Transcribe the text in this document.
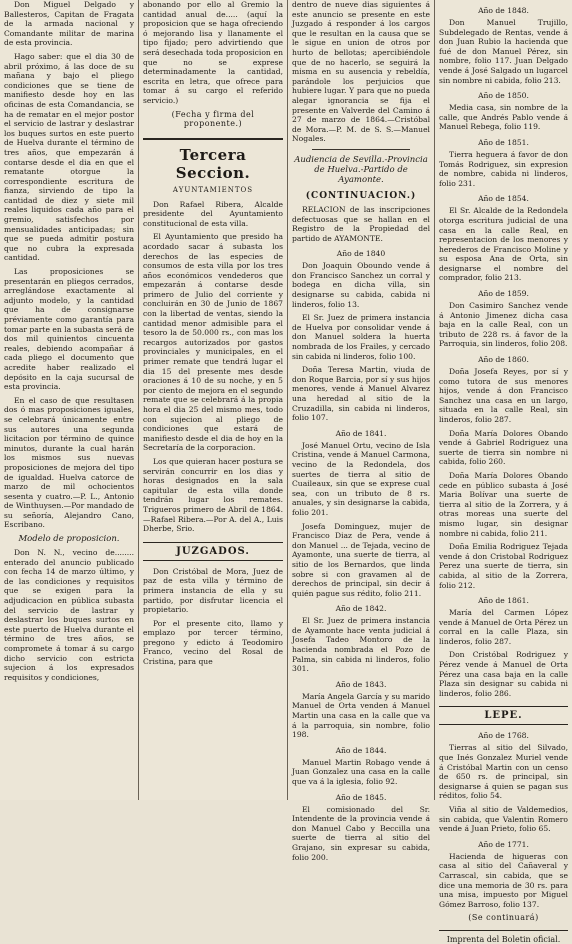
Don Miguel Delgado y Ballesteros, Capitan de Fragata de la armada nacional y Comandante militar de marina de esta provincia.

Hago saber: que el dia 30 de abril próximo, á las doce de su mañana y bajo el pliego condiciones que se tiene de manifiesto desde hoy en las oficinas de esta Comandancia, se ha de rematar en el mejor postor el servicio de lastrar y deslastrar los buques surtos en este puerto de Huelva durante el término de tres años, que empezarán á contarse desde el dia en que el rematante otorgue la correspondiente escritura de fianza, sirviendo de tipo la cantidad de diez y siete mil reales liquidos cada año para el gremio, satisfechos por mensualidades anticipadas; sin que se pueda admitir postura que no cubra la expresada cantidad.

Las proposiciones se presentarán en pliegos cerrados, arreglándose exactamente al adjunto modelo, y la cantidad que ha de consignarse préviamente como garantía para tomar parte en la subasta será de dos mil quinientos cincuenta reales, debiendo acompañar á cada pliego el documento que acredite haber realizado el depósito en la caja sucursal de esta provincia.

En el caso de que resultasen dos ó mas proposiciones iguales, se celebrará únicamente entre sus autores una segunda licitacion por término de quince minutos, durante la cual harán los mismos sus nuevas proposiciones de mejora del tipo de igualdad. Huelva catorce de marzo de mil ochocientos sesenta y cuatro.—P. L., Antonio de Winthuysen.—Por mandado de su señoría, Alejandro Cano, Escribano.

Modelo de proposicion.

Don N. N., vecino de........ enterado del anuncio publicado con fecha 14 de marzo último, y de las condiciones y requisitos que se exigen para la adjudicacion en pública subasta del servicio de lastrar y deslastrar los buques surtos en este puerto de Huelva durante el término de tres años, se compromete á tomar á su cargo dicho servicio con estricta sujecion á los expresados requisitos y condiciones,

abonando por ello al Gremio la cantidad anual de..... (aquí la proposicion que se haga ofreciendo ó mejorando lisa y llanamente el tipo fijado; pero advirtiendo que será desechada toda proposicion en que no se exprese determinadamente la cantidad, escrita en letra, que ofrece para tomar á su cargo el referido servicio.)

(Fecha y firma del proponente.)
Tercera Seccion.
AYUNTAMIENTOS

Don Rafael Ribera, Alcalde presidente del Ayuntamiento constitucional de esta villa.

El Ayuntamiento que presido ha acordado sacar á subasta los derechos de las especies de consumos de esta villa por los tres años económicos vendederos que empezarán á contarse desde primero de Julio del corriente y concluirán en 30 de Junio de 1867 con la libertad de ventas, siendo la cantidad menor admisible para el tesoro la de 50.000 rs., con mas los recargos autorizados por gastos provinciales y municipales, en el primer remate que tendrá lugar el dia 15 del presente mes desde oraciones á 10 de su noche, y en 5 por ciento de mejora en el segundo remate que se celebrará á la propia hora el dia 25 del mismo mes, todo con sujecion al pliego de condiciones que estará de manifiesto desde el dia de hoy en la Secretaría de la corporacion.

Los que quieran hacer postura se servirán concurrir en los dias y horas designados en la sala capitular de esta villa donde tendrán lugar los remates. Trigueros primero de Abril de 1864.—Rafael Ribera.—Por A. del A., Luis Dherbe, Srio.

JUZGADOS.

Don Cristóbal de Mora, Juez de paz de esta villa y término de primera instancia de ella y su partido, por disfrutar licencia el propietario.

Por el presente cito, llamo y emplazo por tercer término, pregono y edicto á Teodomiro Franco, vecino del Rosal de Cristina, para que

dentro de nueve dias siguientes á este anuncio se presente en este Juzgado á responder á los cargos que le resultan en la causa que se le sigue en union de otros por hurto de bellotas; apercibiéndole que de no hacerlo, se seguirá la misma en su ausencia y rebeldía, parándole los perjuicios que hubiere lugar. Y para que no pueda alegar ignorancia se fija el presente en Valverde del Camino á 27 de marzo de 1864.—Cristóbal de Mora.—P. M. de S. S.—Manuel Nogales.

Audiencia de Sevilla.-Provincia de Huelva.-Partido de Ayamonte.
(CONTINUACION.)

RELACION de las inscripciones defectuosas que se hallan en el Registro de la Propiedad del partido de AYAMONTE.

Año de 1840

Don Joaquin Oboundo vende á don Francisco Sanchez un corral y bodega en dicha villa, sin designarse su cabida, cabida ni linderos, folio 13.

El Sr. Juez de primera instancia de Huelva por consolidar vende á don Manuel soldera la huerta nombrada de los Frailes, y cercado sin cabida ni linderos, folio 100.

Doña Teresa Martin, viuda de don Roque Barcia, por sí y sus hijos menores, vende á Manuel Alvarez una heredad al sitio de la Cruzadilla, sin cabida ni linderos, folio 107.

Año de 1841.

José Manuel Ortu, vecino de Isla Cristina, vende á Manuel Carmona, vecino de la Redondela, dos suertes de tierra al sitio de Cuaileaux, sin que se exprese cual sea, con un tributo de 8 rs. anuales, y sin designarse la cabida, folio 201.

Josefa Dominguez, mujer de Francisco Diaz de Pera, vende á don Manuel ... de Tejada, vecino de Ayamonte, una suerte de tierra, al sitio de los Bernardos, que linda sobre si con gravamen al de derechos de principal, sin decir á quién pague sus rédito, folio 211.

Año de 1842.

El Sr. Juez de primera instancia de Ayamonte hace venta judicial á Josefa Tadeo Montoro de la hacienda nombrada el Pozo de Palma, sin cabida ni linderos, folio 301.

Año de 1843.

María Angela García y su marido Manuel de Orta venden á Manuel Martin una casa en la calle que va á la parroquia, sin nombre, folio 198.

Año de 1844.

Manuel Martin Robago vende á Juan Gonzalez una casa en la calle que va á la iglesia, folio 92.

Año de 1845.

El comisionado del Sr. Intendente de la provincia vende á don Manuel Cabo y Beccilla una suerte de tierra al sitio del Grajano, sin expresar su cabida, folio 200.

Año de 1848.

Don Manuel Trujillo, Subdelegado de Rentas, vende á don Juan Rubio la hacienda que fué de don Manuel Pérez, sin nombre, folio 117. Juan Delgado vende á José Salgado un lugarcel sin nombre ni cabida, folio 213.

Año de 1850.

Media casa, sin nombre de la calle, que Andrés Pablo vende á Manuel Rebega, folio 119.

Año de 1851.

Tierra heguera á favor de don Tomás Rodriguez, sin expresion de nombre, cabida ni linderos, folio 231.

Año de 1854.

El Sr. Alcalde de la Redondela otorga escritura judicial de una casa en la calle Real, en representacion de los menores y herederos de Francisco Moline y su esposa Ana de Orta, sin designarse el nombre del comprador, folio 213.

Año de 1859.

Don Casimiro Sanchez vende á Antonio Jimenez dicha casa baja en la calle Real, con un tributo de 228 rs. á favor de la Parroquia, sin linderos, folio 208.

Año de 1860.

Doña Josefa Reyes, por sí y como tutora de sus menores hijos, vende á don Francisco Sanchez una casa en un largo, situada en la calle Real, sin linderos, folio 287.

Doña María Dolores Obando vende á Gabriel Rodriguez una suerte de tierra sin nombre ni cabida, folio 260.

Doña María Dolores Obando cede en público subasta á José Maria Bolívar una suerte de tierra al sitio de la Zorrera, y á otras moreas una suerte del mismo lugar, sin designar nombre ni cabida, folio 211.

Doña Emilia Rodriguez Tejada vende á don Cristobal Rodriguez Perez una suerte de tierra, sin cabida, al sitio de la Zorrera, folio 212.

Año de 1861.

María del Carmen López vende á Manuel de Orta Pérez un corral en la calle Plaza, sin linderos, folio 287.

Don Cristóbal Rodriguez y Pérez vende á Manuel de Orta Pérez una casa baja en la calle Plaza sin designar su cabida ni linderos, folio 286.

LEPE.
Año de 1768.

Tierras al sitio del Silvado, que Inés Gonzalez Muriel vende á Cristóbal Martin con un censo de 650 rs. de principal, sin designarse á quien se pagan sus réditos, folio 54.

Viña al sitio de Valdemedios, sin cabida, que Valentin Romero vende á Juan Prieto, folio 65.

Año de 1771.

Hacienda de higueras con casa al sitio del Cañaveral y Carrascal, sin cabida, que se dice una memoria de 30 rs. para una misa, impuesto por Miguel Gómez Barroso, folio 137.

(Se continuará)
Imprenta del Boletin oficial.
